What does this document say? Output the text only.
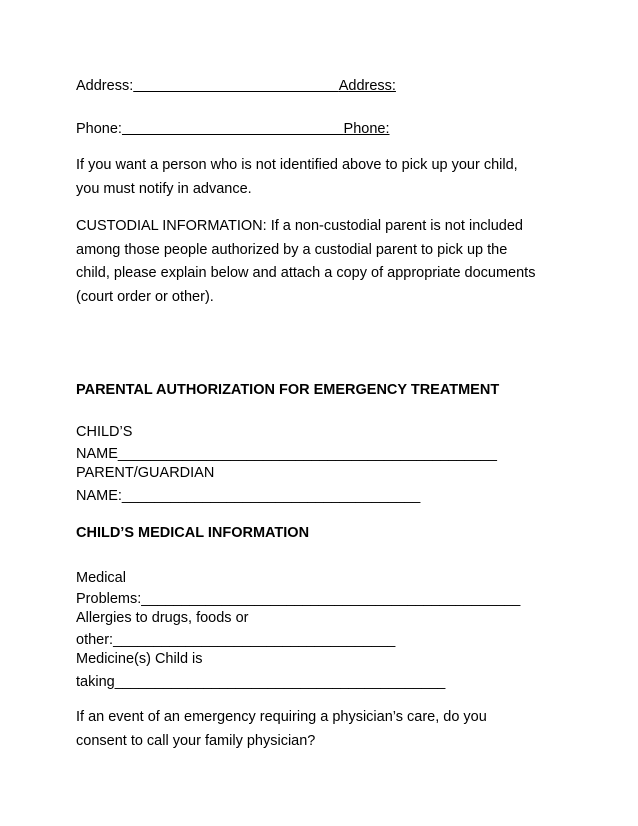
Address:	Address:
Phone:	Phone:
If you want a person who is not identified above to pick up your child,
you must notify in advance.
CUSTODIAL INFORMATION: If a non-custodial parent is not included
among those people authorized by a custodial parent to pick up the
child, please explain below and attach a copy of appropriate documents
(court order or other).
PARENTAL AUTHORIZATION FOR EMERGENCY TREATMENT
CHILD’S
NAME_______________________________________________
PARENT/GUARDIAN
NAME:_____________________________________
CHILD’S MEDICAL INFORMATION
Medical
Problems:_______________________________________________
Allergies to drugs, foods or
other:___________________________________
Medicine(s) Child is
taking_________________________________________
If an event of an emergency requiring a physician’s care, do you
consent to call your family physician?
